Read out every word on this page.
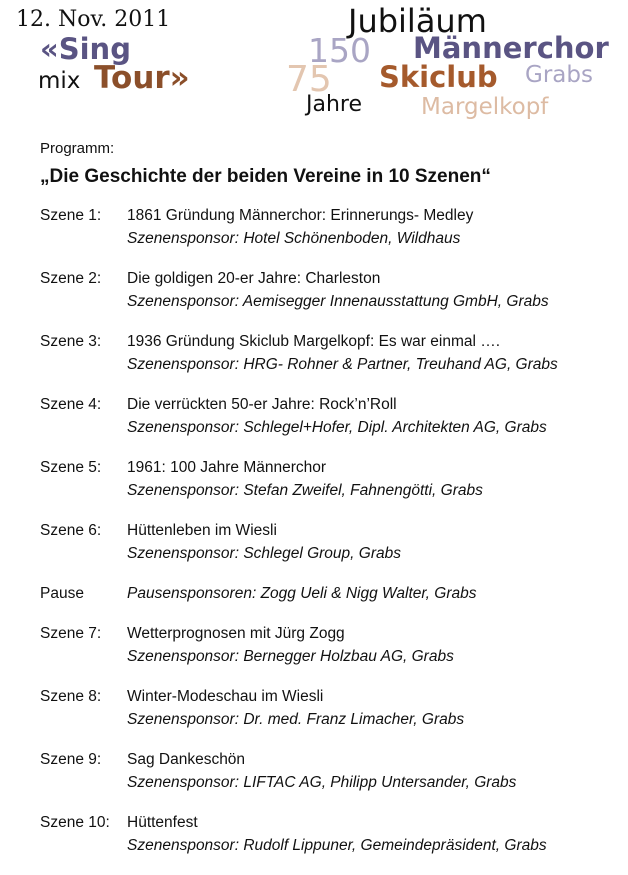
12. Nov. 2011
«Sing
mix Tour»
Jubiläum
150 Männerchor
75 Skiclub Grabs
Jahre	Margelkopf

Programm:

„Die Geschichte der beiden Vereine in 10 Szenen“

Szene 1: 1861 Gründung Männerchor: Erinnerungs- Medley
Szenensponsor: Hotel Schönenboden, Wildhaus
Szene 2: Die goldigen 20-er Jahre: Charleston
Szenensponsor: Aemisegger Innenausstattung GmbH, Grabs
Szene 3: 1936 Gründung Skiclub Margelkopf: Es war einmal ….
Szenensponsor: HRG- Rohner & Partner, Treuhand AG, Grabs
Szene 4: Die verrückten 50-er Jahre: Rock’n’Roll
Szenensponsor: Schlegel+Hofer, Dipl. Architekten AG, Grabs
Szene 5: 1961: 100 Jahre Männerchor
Szenensponsor: Stefan Zweifel, Fahnengötti, Grabs
Szene 6: Hüttenleben im Wiesli
Szenensponsor: Schlegel Group, Grabs
Pause	Pausensponsoren: Zogg Ueli & Nigg Walter, Grabs
Szene 7: Wetterprognosen mit Jürg Zogg
Szenensponsor: Bernegger Holzbau AG, Grabs
Szene 8: Winter-Modeschau im Wiesli
Szenensponsor: Dr. med. Franz Limacher, Grabs
Szene 9: Sag Dankeschön
Szenensponsor: LIFTAC AG, Philipp Untersander, Grabs
Szene 10: Hüttenfest
Szenensponsor: Rudolf Lippuner, Gemeindepräsident, Grabs
